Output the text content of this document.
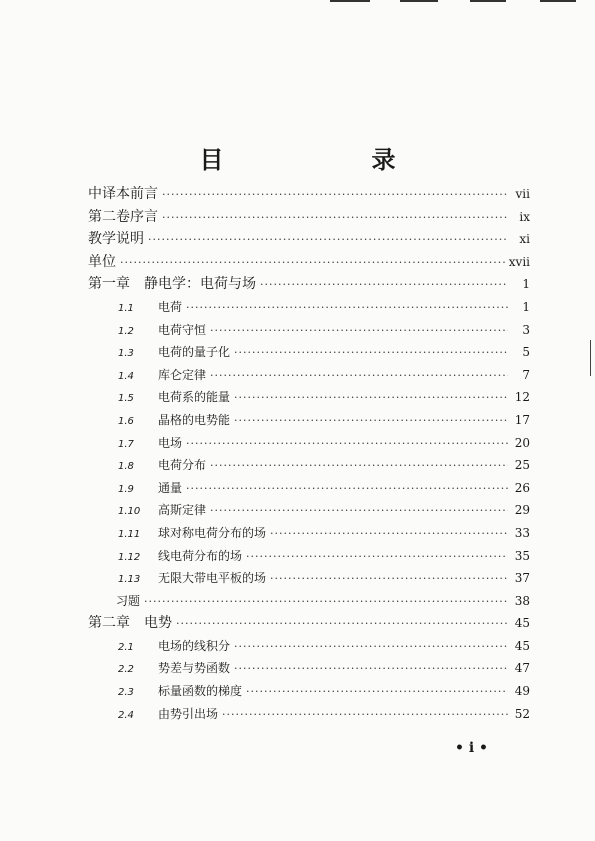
目　录
中译本前言 ·····	vii
第二卷序言 ·····	ix
教学说明 ·····	xi
单位 ·····	xvii
第一章　静电学：电荷与场 ·····	1
1.1	电荷 ·····	1
1.2	电荷守恒 ·····	3
1.3	电荷的量子化 ·····	5
1.4	库仑定律 ·····	7
1.5	电荷系的能量 ·····	12
1.6	晶格的电势能 ·····	17
1.7	电场 ·····	20
1.8	电荷分布 ·····	25
1.9	通量 ·····	26
1.10	高斯定律 ·····	29
1.11	球对称电荷分布的场 ·····	33
1.12	线电荷分布的场 ·····	35
1.13	无限大带电平板的场 ·····	37
习题 ·····	38
第二章　电势 ·····	45
2.1	电场的线积分 ·····	45
2.2	势差与势函数 ·····	47
2.3	标量函数的梯度 ·····	49
2.4	由势引出场 ·····	52
• i •
